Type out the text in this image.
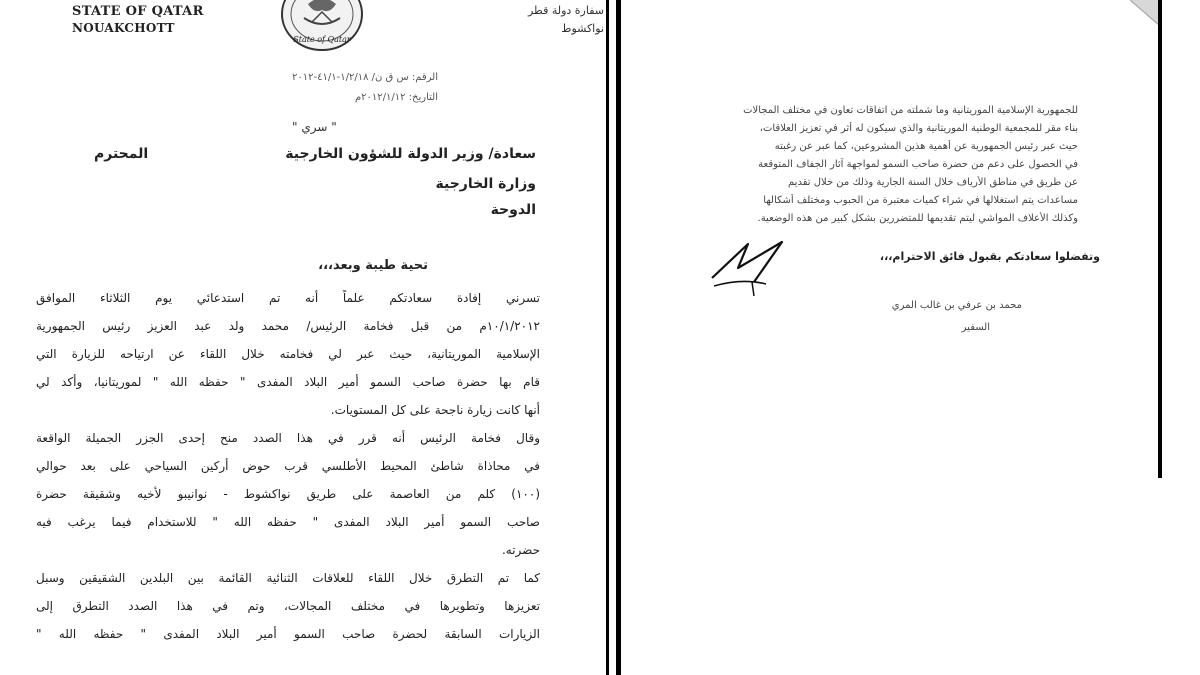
STATE OF QATAR
NOUAKCHOTT
State of Qatar
سفارة دولة قطر
نواكشوط
الرقم: س ق ن/ ١/٢/١٨-٤١/١-٢٠١٢
التاريخ: ٢٠١٢/١/١٢م
" سري "
سعادة/ وزير الدولة للشؤون الخارجية
المحترم
وزارة الخارجية
الدوحة
تحية طيبة وبعد،،،
تسرني إفادة سعادتكم علماً أنه تم استدعائي يوم الثلاثاء الموافق
١٠/١/٢٠١٢م من قبل فخامة الرئيس/ محمد ولد عبد العزيز رئيس الجمهورية
الإسلامية الموريتانية، حيث عبر لي فخامته خلال اللقاء عن ارتياحه للزيارة التي
قام بها حضرة صاحب السمو أمير البلاد المفدى " حفظه الله " لموريتانيا، وأكد لي
أنها كانت زيارة ناجحة على كل المستويات.
وقال فخامة الرئيس أنه قرر في هذا الصدد منح إحدى الجزر الجميلة الواقعة
في محاذاة شاطئ المحيط الأطلسي قرب حوض أركين السياحي على بعد حوالي
(١٠٠) كلم من العاصمة على طريق نواكشوط - نوانيبو لأخيه وشقيقة حضرة
صاحب السمو أمير البلاد المفدى " حفظه الله " للاستخدام فيما يرغب فيه
حضرته.
كما تم التطرق خلال اللقاء للعلاقات الثنائية القائمة بين البلدين الشقيقين وسبل
تعزيزها وتطويرها في مختلف المجالات، وتم في هذا الصدد التطرق إلى
الزيارات السابقة لحضرة صاحب السمو أمير البلاد المفدى " حفظه الله "
للجمهورية الإسلامية الموريتانية وما شملته من اتفاقات تعاون في مختلف المجالات
بناء مقر للمجمعية الوطنية الموريتانية والذي سيكون له أثر في تعزيز العلاقات،
حيث عبر رئيس الجمهورية عن أهمية هذين المشروعين، كما عبر عن رغبته
في الحصول على دعم من حضرة صاحب السمو لمواجهة آثار الجفاف المتوقعة
عن طريق في مناطق الأرياف خلال السنة الجارية وذلك من خلال تقديم
مساعدات يتم استغلالها في شراء كميات معتبرة من الحبوب ومختلف أشكالها
وكذلك الأعلاف المواشي ليتم تقديمها للمتضررين بشكل كبير من هذه الوضعية.
وتفضلوا سعادتكم بقبول فائق الاحترام،،،
محمد بن عرفي بن غالب المري
السفير
